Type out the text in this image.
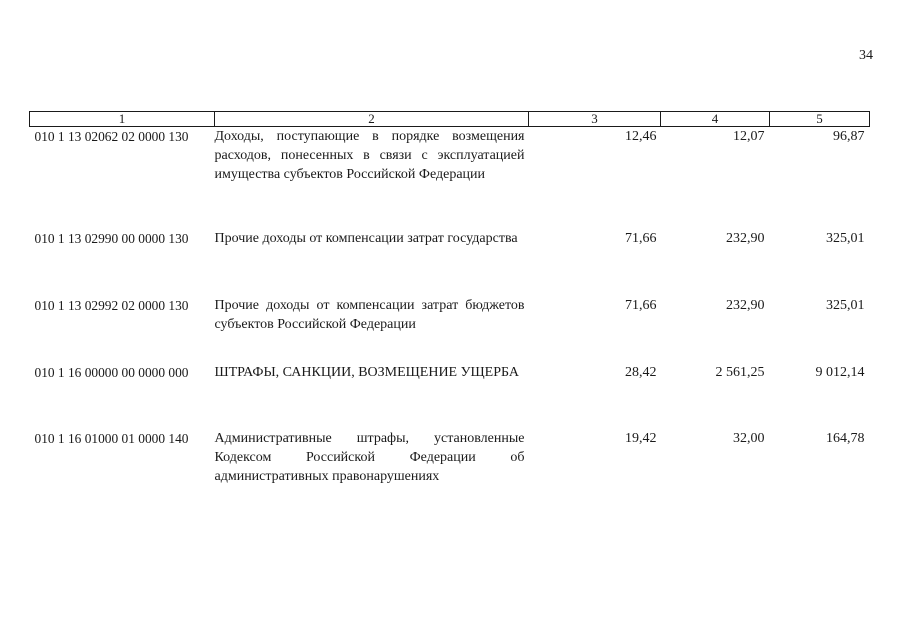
34
1	2	3	4	5
010 1 13 02062 02 0000 130	Доходы, поступающие в порядке возмещения расходов, понесенных в связи с эксплуатацией имущества субъектов Российской Федерации	12,46	12,07	96,87
010 1 13 02990 00 0000 130	Прочие доходы от компенсации затрат государства	71,66	232,90	325,01
010 1 13 02992 02 0000 130	Прочие доходы от компенсации затрат бюджетов субъектов Российской Федерации	71,66	232,90	325,01
010 1 16 00000 00 0000 000	ШТРАФЫ, САНКЦИИ, ВОЗМЕЩЕНИЕ УЩЕРБА	28,42	2 561,25	9 012,14
010 1 16 01000 01 0000 140	Административные штрафы, установленные Кодексом Российской Федерации об административных правонарушениях	19,42	32,00	164,78
